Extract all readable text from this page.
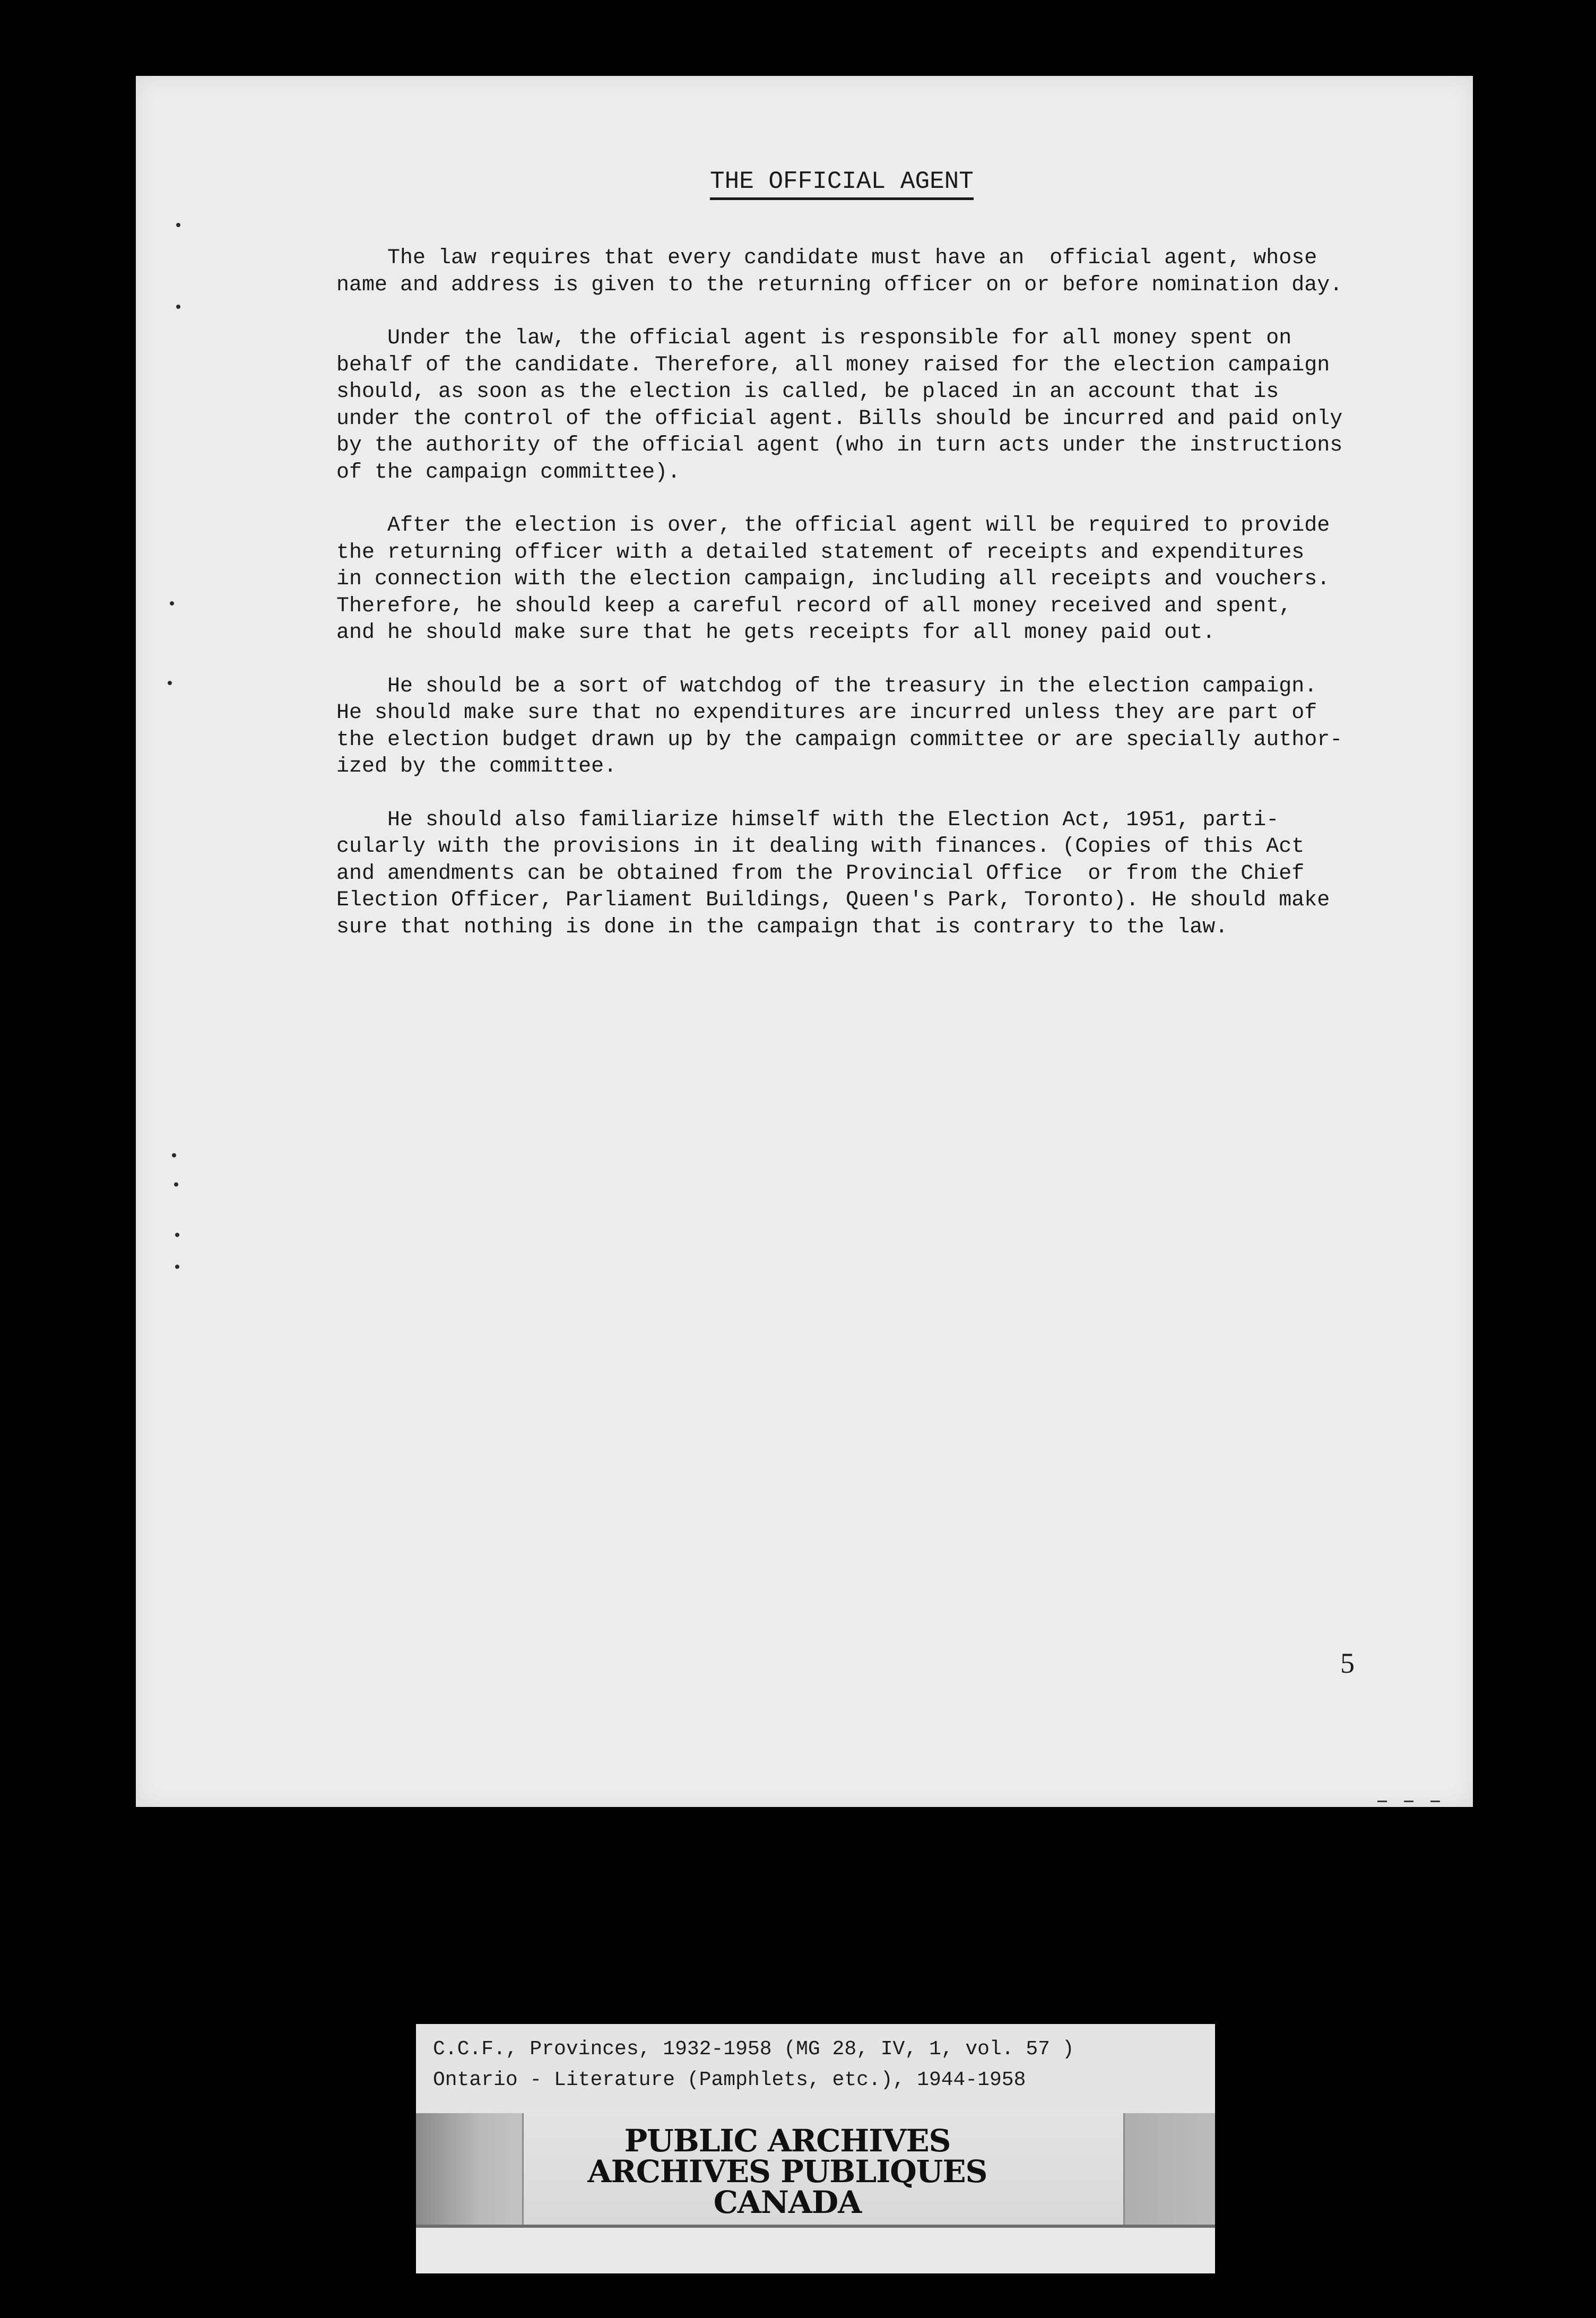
THE OFFICIAL AGENT

The law requires that every candidate must have an  official agent, whose
name and address is given to the returning officer on or before nomination day.

Under the law, the official agent is responsible for all money spent on
behalf of the candidate. Therefore, all money raised for the election campaign
should, as soon as the election is called, be placed in an account that is
under the control of the official agent. Bills should be incurred and paid only
by the authority of the official agent (who in turn acts under the instructions
of the campaign committee).

After the election is over, the official agent will be required to provide
the returning officer with a detailed statement of receipts and expenditures
in connection with the election campaign, including all receipts and vouchers.
Therefore, he should keep a careful record of all money received and spent,
and he should make sure that he gets receipts for all money paid out.

He should be a sort of watchdog of the treasury in the election campaign.
He should make sure that no expenditures are incurred unless they are part of
the election budget drawn up by the campaign committee or are specially author-
ized by the committee.

He should also familiarize himself with the Election Act, 1951, parti-
cularly with the provisions in it dealing with finances. (Copies of this Act
and amendments can be obtained from the Provincial Office  or from the Chief
Election Officer, Parliament Buildings, Queen's Park, Toronto). He should make
sure that nothing is done in the campaign that is contrary to the law.

5
C.C.F., Provinces, 1932-1958 (MG 28, IV, 1, vol. 57 )
Ontario - Literature (Pamphlets, etc.), 1944-1958
PUBLIC ARCHIVES
ARCHIVES PUBLIQUES
CANADA
